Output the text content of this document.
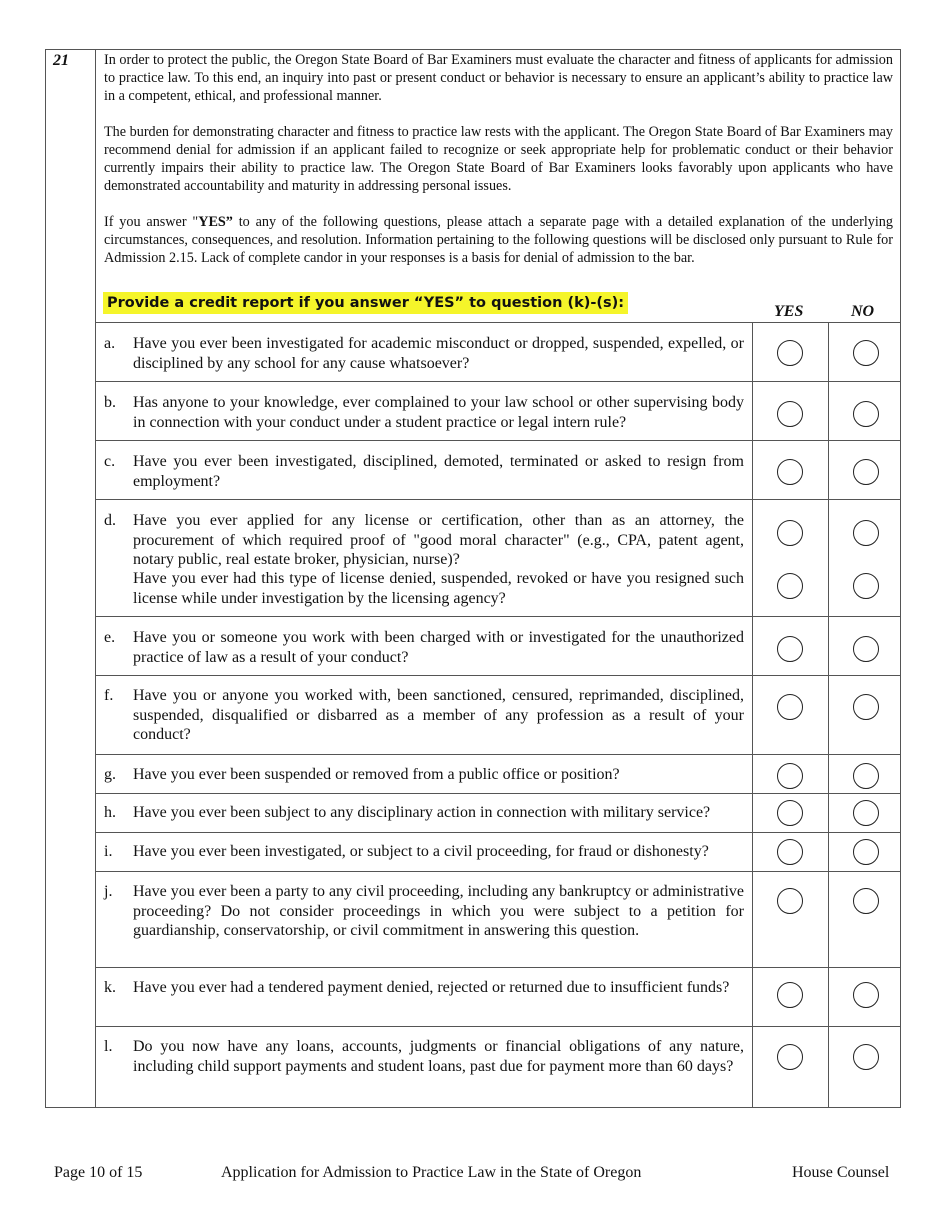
21 In order to protect the public, the Oregon State Board of Bar Examiners must evaluate the character and fitness of applicants for admission to practice law. To this end, an inquiry into past or present conduct or behavior is necessary to ensure an applicant’s ability to practice law in a competent, ethical, and professional manner.

The burden for demonstrating character and fitness to practice law rests with the applicant. The Oregon State Board of Bar Examiners may recommend denial for admission if an applicant failed to recognize or seek appropriate help for problematic conduct or their behavior currently impairs their ability to practice law. The Oregon State Board of Bar Examiners looks favorably upon applicants who have demonstrated accountability and maturity in addressing personal issues.

If you answer "YES” to any of the following questions, please attach a separate page with a detailed explanation of the underlying circumstances, consequences, and resolution. Information pertaining to the following questions will be disclosed only pursuant to Rule for Admission 2.15. Lack of complete candor in your responses is a basis for denial of admission to the bar.

Provide a credit report if you answer “YES” to question (k)-(s):	YES	NO
a. Have you ever been investigated for academic misconduct or dropped, suspended, expelled, or disciplined by any school for any cause whatsoever?
b. Has anyone to your knowledge, ever complained to your law school or other supervising body in connection with your conduct under a student practice or legal intern rule?
c. Have you ever been investigated, disciplined, demoted, terminated or asked to resign from employment?
d. Have you ever applied for any license or certification, other than as an attorney, the procurement of which required proof of "good moral character" (e.g., CPA, patent agent, notary public, real estate broker, physician, nurse)?
Have you ever had this type of license denied, suspended, revoked or have you resigned such license while under investigation by the licensing agency?
e. Have you or someone you work with been charged with or investigated for the unauthorized practice of law as a result of your conduct?
f. Have you or anyone you worked with, been sanctioned, censured, reprimanded, disciplined, suspended, disqualified or disbarred as a member of any profession as a result of your conduct?
g. Have you ever been suspended or removed from a public office or position?
h. Have you ever been subject to any disciplinary action in connection with military service?
i. Have you ever been investigated, or subject to a civil proceeding, for fraud or dishonesty?
j. Have you ever been a party to any civil proceeding, including any bankruptcy or administrative proceeding? Do not consider proceedings in which you were subject to a petition for guardianship, conservatorship, or civil commitment in answering this question.
k. Have you ever had a tendered payment denied, rejected or returned due to insufficient funds?
l. Do you now have any loans, accounts, judgments or financial obligations of any nature, including child support payments and student loans, past due for payment more than 60 days?
Page 10 of 15	Application for Admission to Practice Law in the State of Oregon	House Counsel
